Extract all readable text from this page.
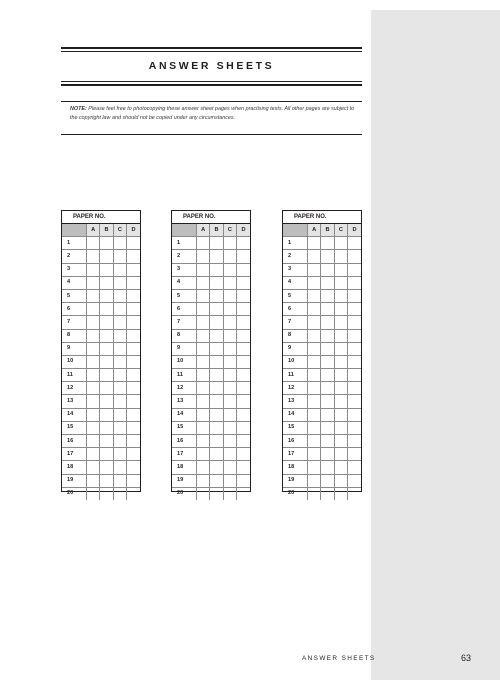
ANSWER SHEETS
NOTE: Please feel free to photocopying these answer sheet pages when practising tests. All other pages are subject to the copyright law and should not be copied under any circumstances.
PAPER NO.
	A	B	C	D
1				
2				
3				
4				
5				
6				
7				
8				
9				
10				
11				
12				
13				
14				
15				
16				
17				
18				
19				
20				
PAPER NO.
	A	B	C	D
1				
2				
3				
4				
5				
6				
7				
8				
9				
10				
11				
12				
13				
14				
15				
16				
17				
18				
19				
20				
PAPER NO.
	A	B	C	D
1				
2				
3				
4				
5				
6				
7				
8				
9				
10				
11				
12				
13				
14				
15				
16				
17				
18				
19				
20				
ANSWER SHEETS	63
